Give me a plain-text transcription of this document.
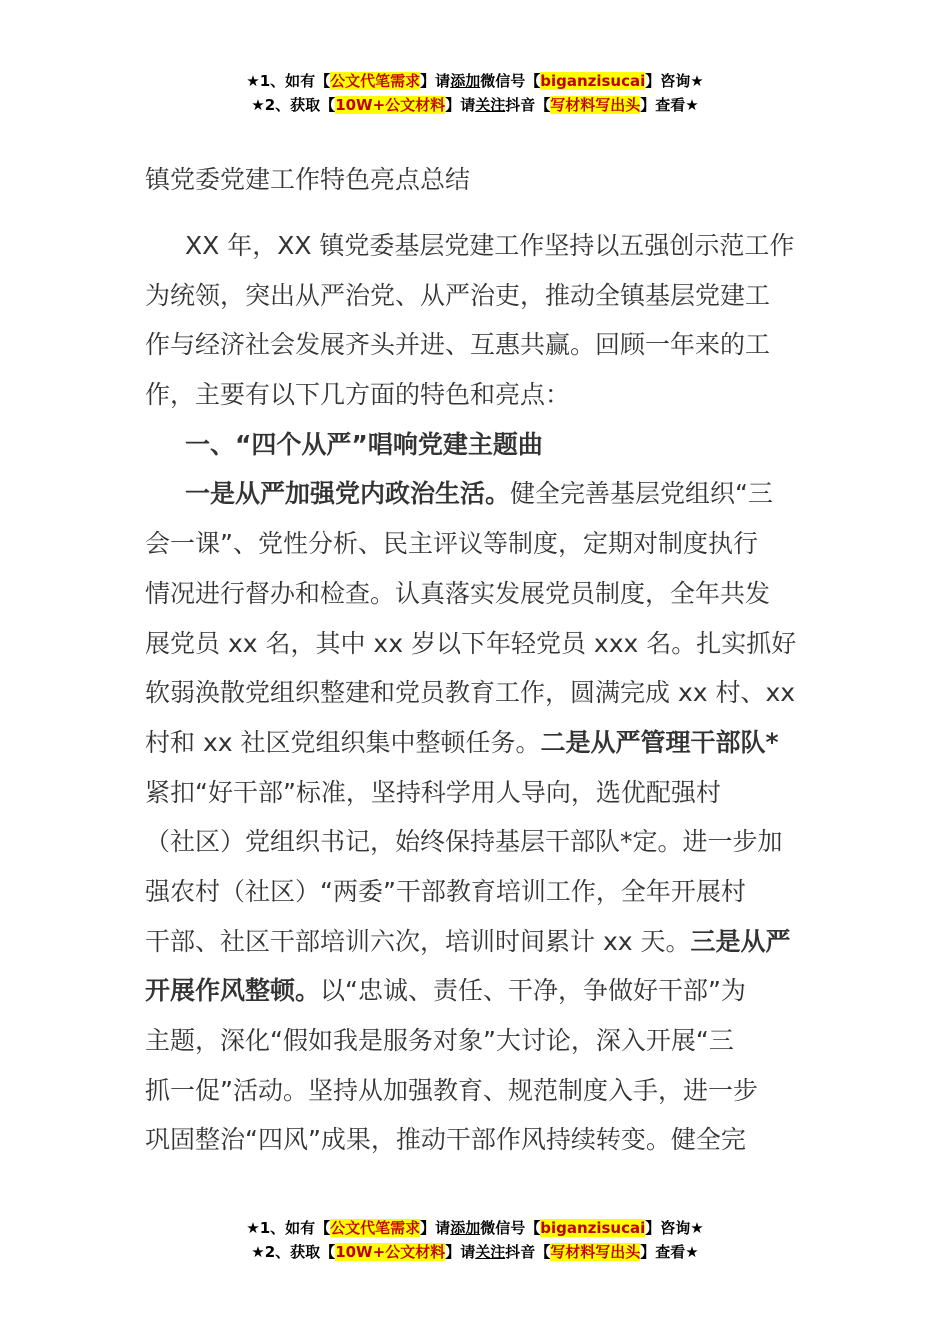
★1、如有【公文代笔需求】请添加微信号【biganzisucai】咨询★
★2、获取【10W+公文材料】请关注抖音【写材料写出头】查看★
镇党委党建工作特色亮点总结
XX 年，XX 镇党委基层党建工作坚持以五强创示范工作
为统领，突出从严治党、从严治吏，推动全镇基层党建工
作与经济社会发展齐头并进、互惠共赢。回顾一年来的工
作，主要有以下几方面的特色和亮点：
一、“四个从严”唱响党建主题曲
一是从严加强党内政治生活。健全完善基层党组织“三
会一课”、党性分析、民主评议等制度，定期对制度执行
情况进行督办和检查。认真落实发展党员制度，全年共发
展党员 xx 名，其中 xx 岁以下年轻党员 xxx 名。扎实抓好
软弱涣散党组织整建和党员教育工作，圆满完成 xx 村、xx
村和 xx 社区党组织集中整顿任务。二是从严管理干部队*
紧扣“好干部”标准，坚持科学用人导向，选优配强村
（社区）党组织书记，始终保持基层干部队*定。进一步加
强农村（社区）“两委”干部教育培训工作，全年开展村
干部、社区干部培训六次，培训时间累计 xx 天。三是从严
开展作风整顿。以“忠诚、责任、干净，争做好干部”为
主题，深化“假如我是服务对象”大讨论，深入开展“三
抓一促”活动。坚持从加强教育、规范制度入手，进一步
巩固整治“四风”成果，推动干部作风持续转变。健全完
★1、如有【公文代笔需求】请添加微信号【biganzisucai】咨询★
★2、获取【10W+公文材料】请关注抖音【写材料写出头】查看★
